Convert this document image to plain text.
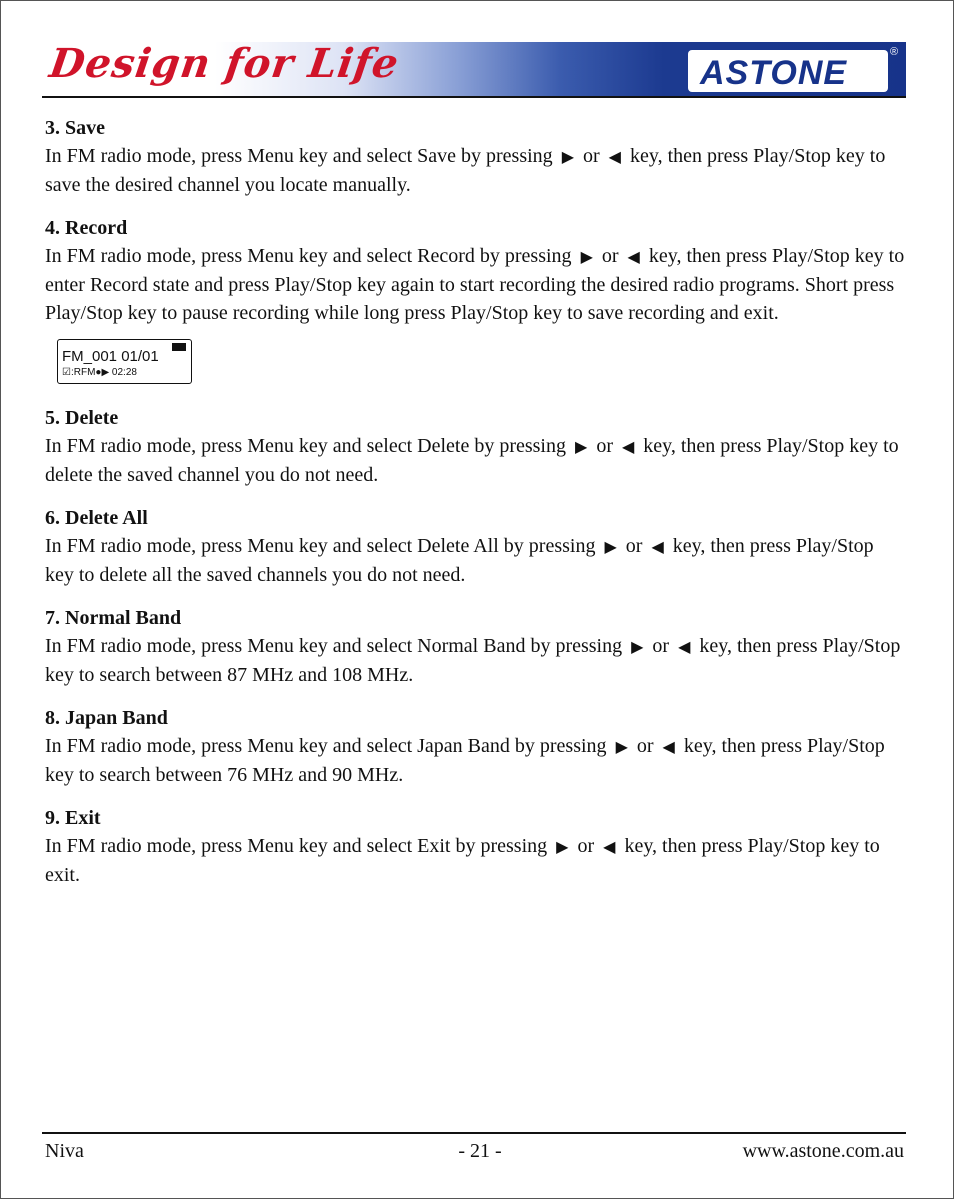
Design for Life	ASTONE
®
3. Save

In FM radio mode, press Menu key and select Save by pressing ▶ or ◀ key, then press Play/Stop key to save the desired channel you locate manually.

4. Record

In FM radio mode, press Menu key and select Record by pressing ▶ or ◀ key, then press Play/Stop key to enter Record state and press Play/Stop key again to start recording the desired radio programs. Short press Play/Stop key to pause recording while long press Play/Stop key to save recording and exit.

FM_001 01/01
☑:RFM●▶ 02:28
5. Delete

In FM radio mode, press Menu key and select Delete by pressing ▶ or ◀ key, then press Play/Stop key to delete the saved channel you do not need.

6. Delete All

In FM radio mode, press Menu key and select Delete All by pressing ▶ or ◀ key, then press Play/Stop key to delete all the saved channels you do not need.

7. Normal Band

In FM radio mode, press Menu key and select Normal Band by pressing ▶ or ◀ key, then press Play/Stop key to search between 87 MHz and 108 MHz.

8. Japan Band

In FM radio mode, press Menu key and select Japan Band by pressing ▶ or ◀ key, then press Play/Stop key to search between 76 MHz and 90 MHz.

9. Exit

In FM radio mode, press Menu key and select Exit by pressing ▶ or ◀ key, then press Play/Stop key to exit.

Niva	- 21 -	www.astone.com.au
